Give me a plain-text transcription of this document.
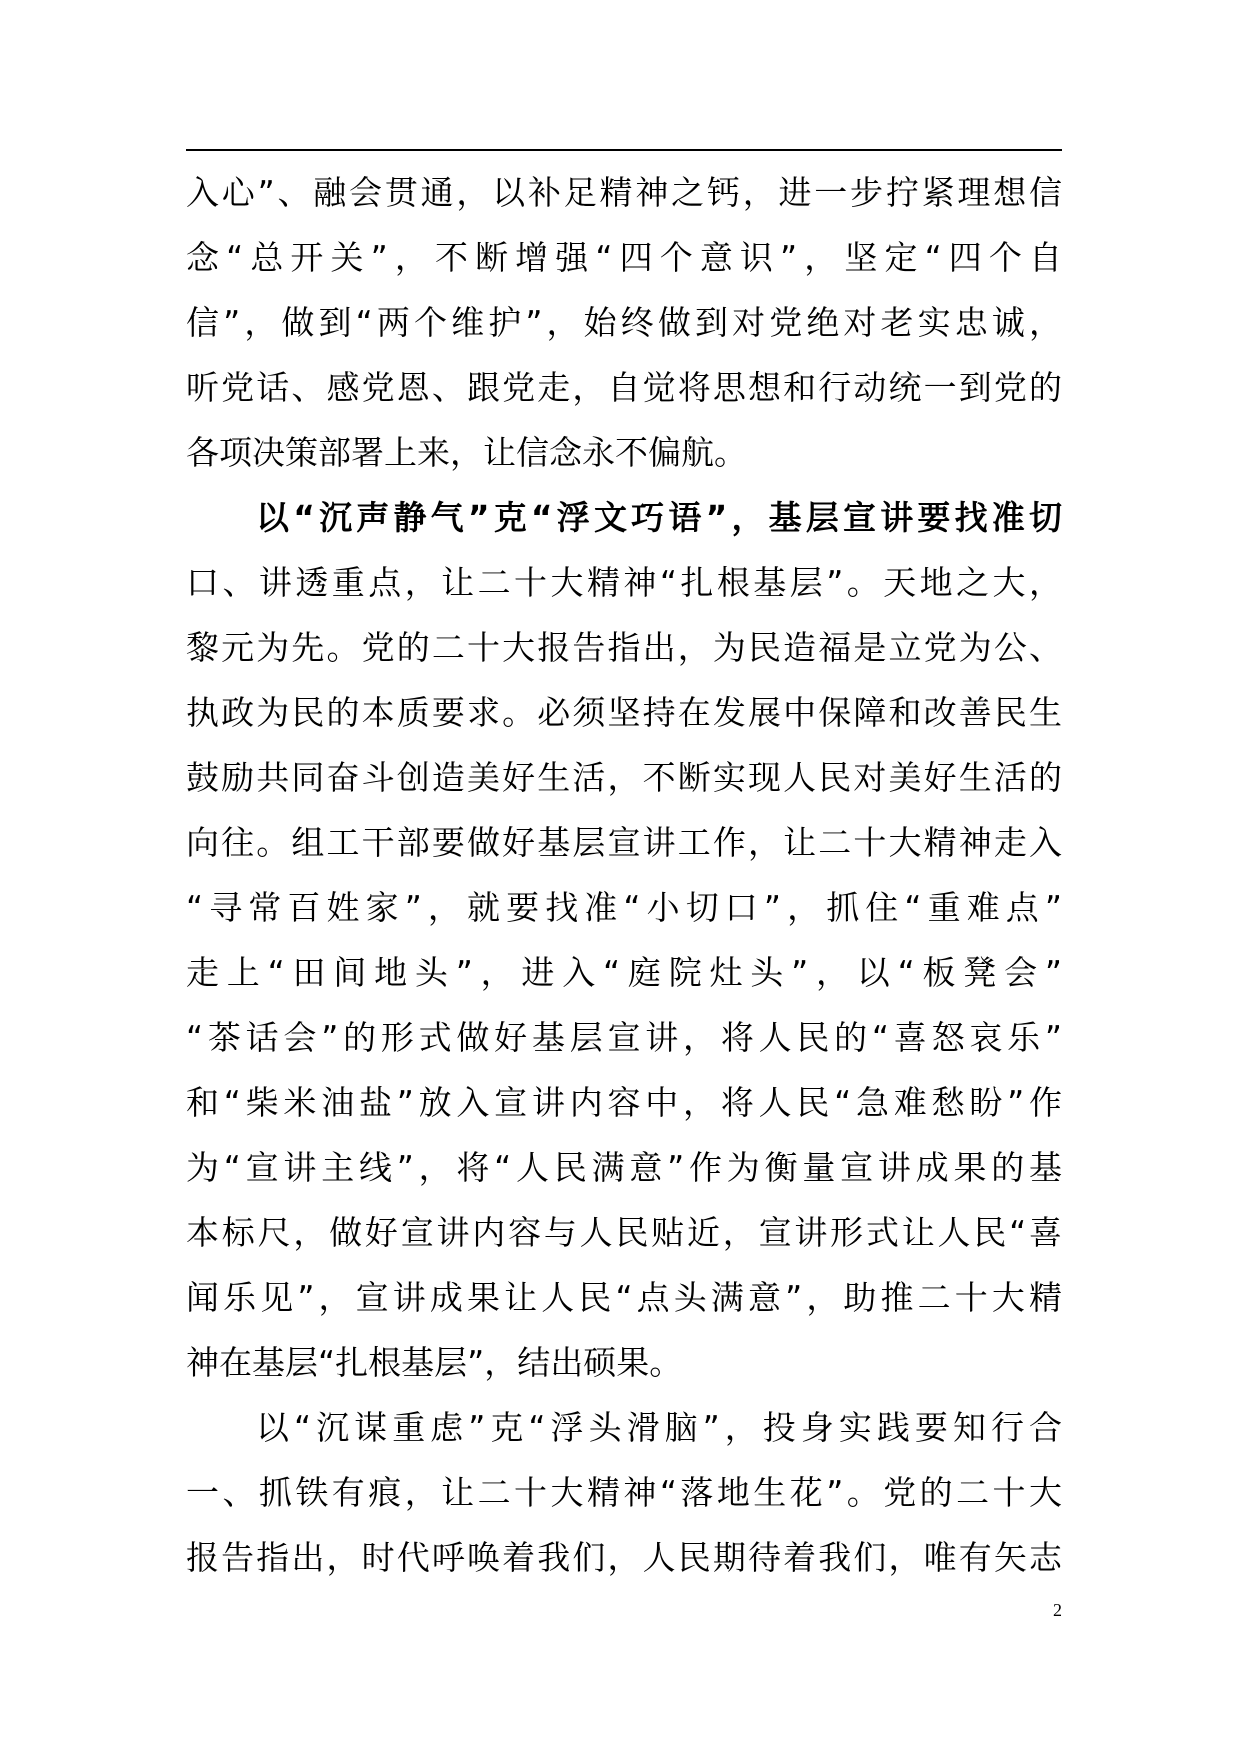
入心”、融会贯通，以补足精神之钙，进一步拧紧理想信
念“总开关”，不断增强“四个意识”，坚定“四个自
信”，做到“两个维护”，始终做到对党绝对老实忠诚，
听党话、感党恩、跟党走，自觉将思想和行动统一到党的
各项决策部署上来，让信念永不偏航。
以“沉声静气”克“浮文巧语”，基层宣讲要找准切
口、讲透重点，让二十大精神“扎根基层”。天地之大，
黎元为先。党的二十大报告指出，为民造福是立党为公、
执政为民的本质要求。必须坚持在发展中保障和改善民生
鼓励共同奋斗创造美好生活，不断实现人民对美好生活的
向往。组工干部要做好基层宣讲工作，让二十大精神走入
“寻常百姓家”，就要找准“小切口”，抓住“重难点”
走上“田间地头”，进入“庭院灶头”，以“板凳会”
“茶话会”的形式做好基层宣讲，将人民的“喜怒哀乐”
和“柴米油盐”放入宣讲内容中，将人民“急难愁盼”作
为“宣讲主线”，将“人民满意”作为衡量宣讲成果的基
本标尺，做好宣讲内容与人民贴近，宣讲形式让人民“喜
闻乐见”，宣讲成果让人民“点头满意”，助推二十大精
神在基层“扎根基层”，结出硕果。
以“沉谋重虑”克“浮头滑脑”，投身实践要知行合
一、抓铁有痕，让二十大精神“落地生花”。党的二十大
报告指出，时代呼唤着我们，人民期待着我们，唯有矢志
2
